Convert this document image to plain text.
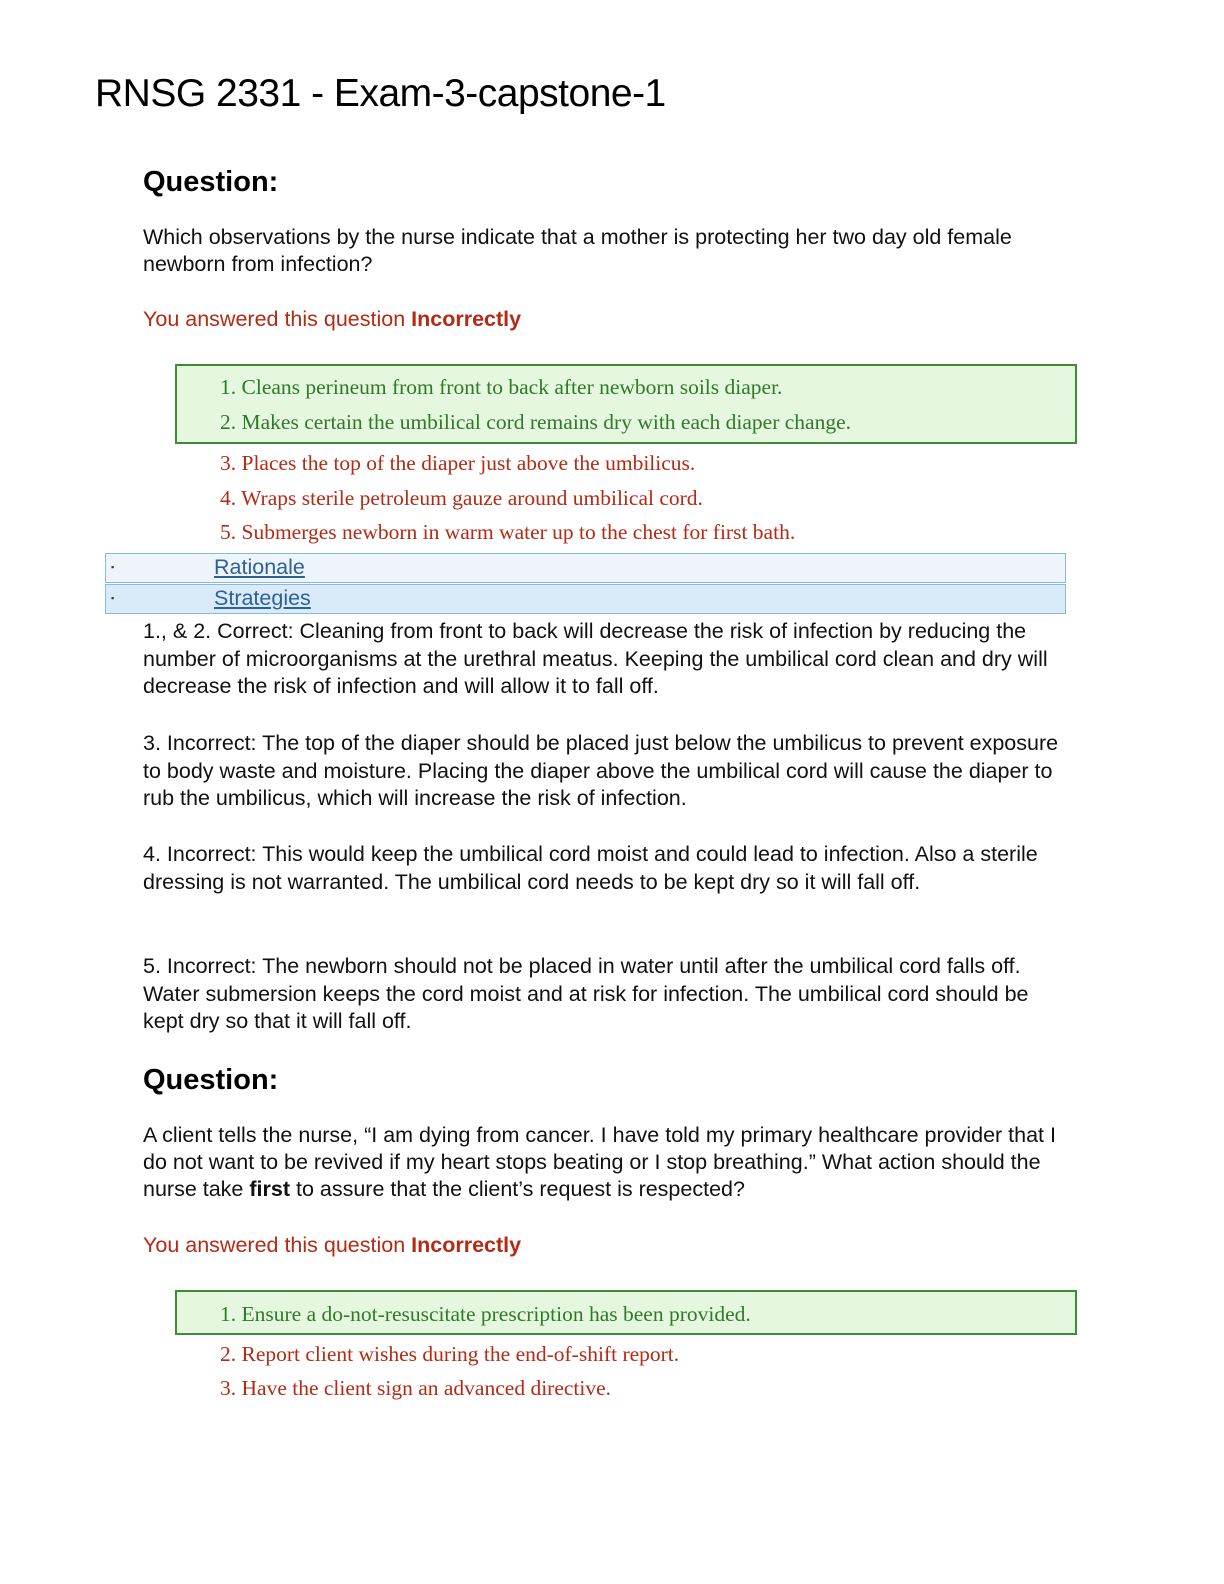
RNSG 2331 - Exam-3-capstone-1
Question:

Which observations by the nurse indicate that a mother is protecting her two day old female newborn from infection?

You answered this question Incorrectly

1. Cleans perineum from front to back after newborn soils diaper.

2. Makes certain the umbilical cord remains dry with each diaper change.

3. Places the top of the diaper just above the umbilicus.

4. Wraps sterile petroleum gauze around umbilical cord.

5. Submerges newborn in warm water up to the chest for first bath.

▪	Rationale
▪	Strategies

1., & 2. Correct: Cleaning from front to back will decrease the risk of infection by reducing the number of microorganisms at the urethral meatus. Keeping the umbilical cord clean and dry will decrease the risk of infection and will allow it to fall off.

3. Incorrect: The top of the diaper should be placed just below the umbilicus to prevent exposure to body waste and moisture. Placing the diaper above the umbilical cord will cause the diaper to rub the umbilicus, which will increase the risk of infection.

4. Incorrect: This would keep the umbilical cord moist and could lead to infection. Also a sterile dressing is not warranted. The umbilical cord needs to be kept dry so it will fall off.

5. Incorrect: The newborn should not be placed in water until after the umbilical cord falls off. Water submersion keeps the cord moist and at risk for infection. The umbilical cord should be kept dry so that it will fall off.

Question:

A client tells the nurse, “I am dying from cancer. I have told my primary healthcare provider that I do not want to be revived if my heart stops beating or I stop breathing.” What action should the nurse take first to assure that the client’s request is respected?

You answered this question Incorrectly

1. Ensure a do-not-resuscitate prescription has been provided.

2. Report client wishes during the end-of-shift report.

3. Have the client sign an advanced directive.
